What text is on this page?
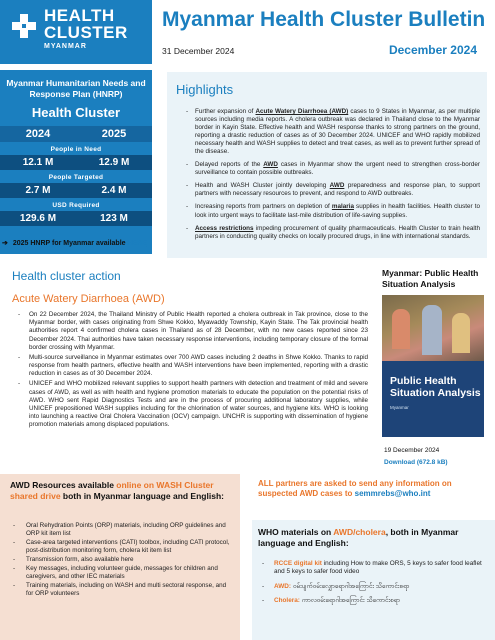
HEALTH
CLUSTER
MYANMAR
Myanmar Health Cluster Bulletin
31 December 2024	December 2024
Myanmar Humanitarian Needs and Response Plan (HNRP)
Health Cluster
2024	2025
People in Need
12.1 M	12.9 M
People Targeted
2.7 M	2.4 M
USD Required
129.6 M	123 M
➔ 2025 HNRP for Myanmar available HERE
Highlights
- Further expansion of Acute Watery Diarrhoea (AWD) cases to 9 States in Myanmar, as per multiple sources including media reports. A cholera outbreak was declared in Thailand close to the Myanmar border in Kayin State. Effective health and WASH response thanks to strong partners on the ground, reporting a drastic reduction of cases as of 30 December 2024. UNICEF and WHO rapidly mobilized necessary health and WASH supplies to detect and treat cases, as well as to prevent further spread of the disease.
- Delayed reports of the AWD cases in Myanmar show the urgent need to strengthen cross-border surveillance to contain possible outbreaks.
- Health and WASH Cluster jointly developing AWD preparedness and response plan, to support partners with necessary resources to prevent, and respond to AWD outbreaks.
- Increasing reports from partners on depletion of malaria supplies in health facilities. Health cluster to look into urgent ways to facilitate last-mile distribution of life-saving supplies.
- Access restrictions impeding procurement of quality pharmaceuticals. Health Cluster to train health partners in conducting quality checks on locally procured drugs, in line with international standards.
Health cluster action
Acute Watery Diarrhoea (AWD)
- On 22 December 2024, the Thailand Ministry of Public Health reported a cholera outbreak in Tak province, close to the Myanmar border, with cases originating from Shwe Kokko, Myawaddy Township, Kayin State. The Tak provincial health authorities report 4 confirmed cholera cases in Thailand as of 28 December, with no new cases reported since 23 December 2024. Thai authorities have taken necessary response interventions, including temporary closure of the formal border crossing with Myanmar.
- Multi-source surveillance in Myanmar estimates over 700 AWD cases including 2 deaths in Shwe Kokko. Thanks to rapid response from health partners, effective health and WASH interventions have been implemented, reporting with a drastic reduction in cases as of 30 December 2024.
- UNICEF and WHO mobilized relevant supplies to support health partners with detection and treatment of mild and severe cases of AWD, as well as with health and hygiene promotion materials to educate the population on the potential risks of AWD. WHO sent Rapid Diagnostics Tests and are in the process of procuring additional laboratory supplies, while UNICEF prepositioned WASH supplies including for the chlorination of water sources, and hygiene kits. WHO is looking into launching a reactive Oral Cholera Vaccination (OCV) campaign. UNCHR is supporting with dissemination of hygiene promotion materials among displaced populations.
Myanmar: Public Health Situation Analysis
Public Health Situation Analysis
Myanmar
19 December 2024
Download (672.8 kB)
AWD Resources available online on WASH Cluster shared drive both in Myanmar language and English:
- Oral Rehydration Points (ORP) materials, including ORP guidelines and ORP kit item list
- Case-area targeted interventions (CATI) toolbox, including CATI protocol, post-distribution monitoring form, cholera kit item list
- Transmission form, also available here
- Key messages, including volunteer guide, messages for children and caregivers, and other IEC materials
- Training materials, including on WASH and multi sectoral response, and for ORP volunteers
ALL partners are asked to send any information on suspected AWD cases to semmrebs@who.int
WHO materials on AWD/cholera, both in Myanmar language and English:
- RCCE digital kit including How to make ORS, 5 keys to safer food leaflet and 5 keys to safer food video
- AWD: ဝမ်းပျက်ဝမ်းလျှောရောဂါအကြောင်း သိကောင်းစရာ
- Cholera: ကာလဝမ်းရောဂါအကြောင်း သိကောင်းစရာ
